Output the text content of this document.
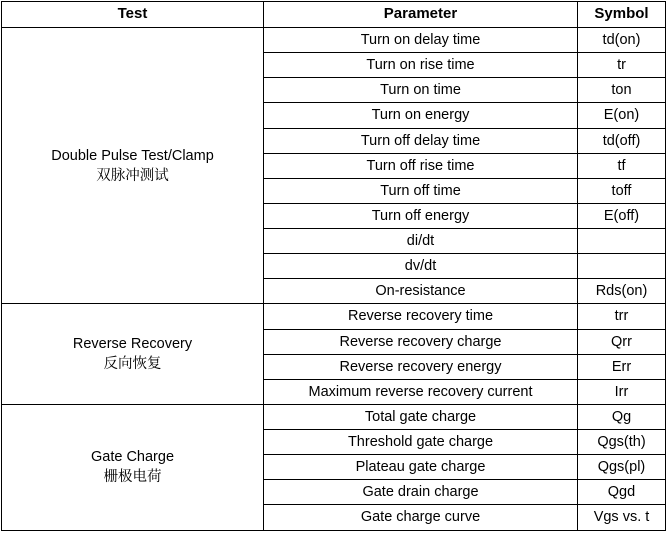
Test	Parameter	Symbol

Double Pulse Test/Clamp
双脉冲测试	Turn on delay time	td(on)
	Turn on rise time	tr
	Turn on time	ton
	Turn on energy	E(on)
	Turn off delay time	td(off)
	Turn off rise time	tf
	Turn off time	toff
	Turn off energy	E(off)
	di/dt	
	dv/dt	
	On-resistance	Rds(on)

Reverse Recovery
反向恢复	Reverse recovery time	trr
	Reverse recovery charge	Qrr
	Reverse recovery energy	Err
	Maximum reverse recovery current	Irr

Gate Charge
栅极电荷	Total gate charge	Qg
	Threshold gate charge	Qgs(th)
	Plateau gate charge	Qgs(pl)
	Gate drain charge	Qgd
	Gate charge curve	Vgs vs. t
